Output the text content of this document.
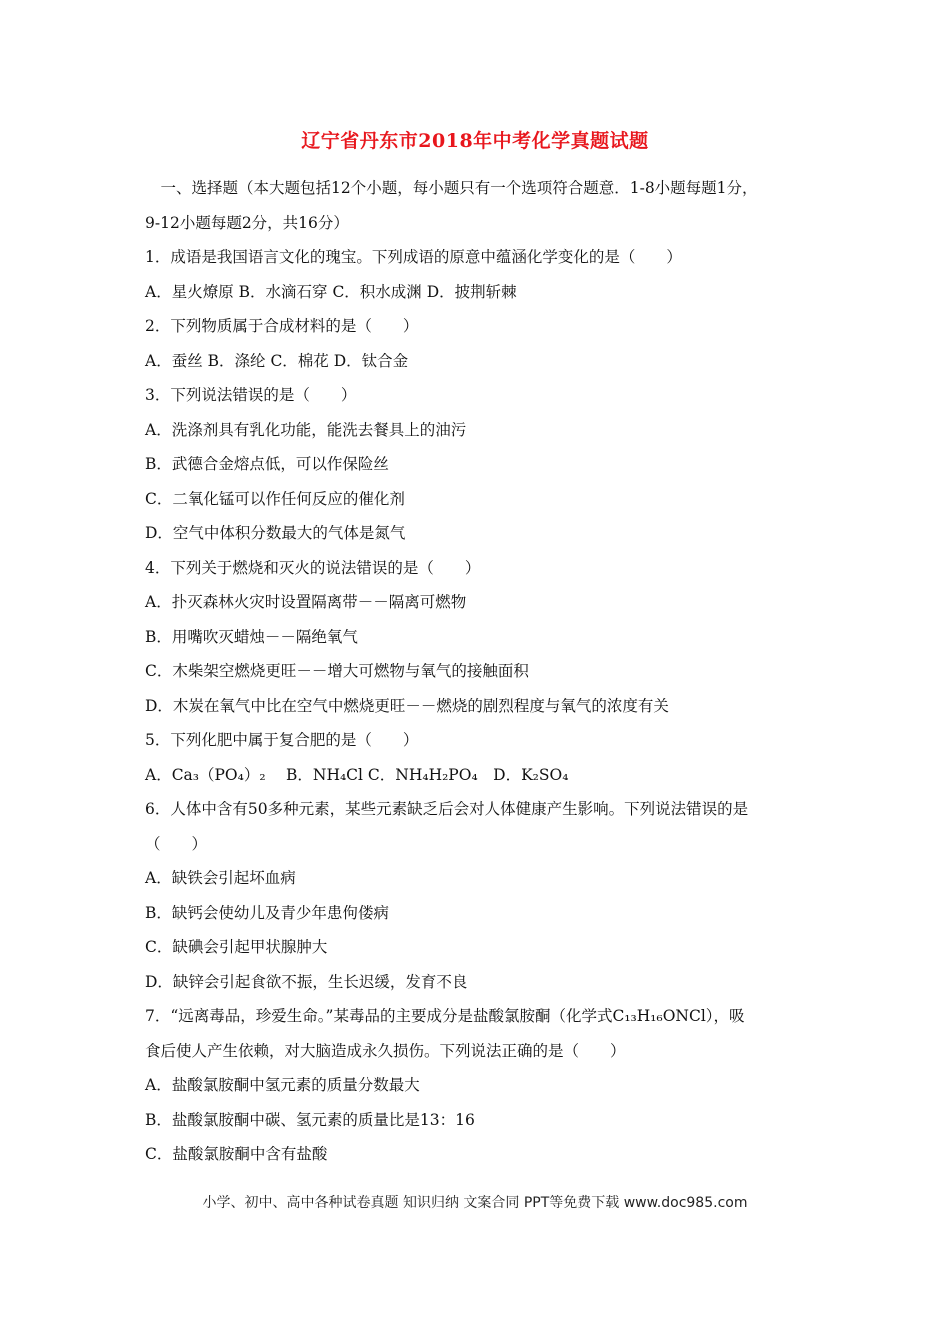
辽宁省丹东市2018年中考化学真题试题
　一、选择题（本大题包括12个小题，每小题只有一个选项符合题意．1-8小题每题1分，
9-12小题每题2分，共16分）
1．成语是我国语言文化的瑰宝。下列成语的原意中蕴涵化学变化的是（　　）
A．星火燎原 B．水滴石穿 C．积水成渊 D．披荆斩棘
2．下列物质属于合成材料的是（　　）
A．蚕丝 B．涤纶 C．棉花 D．钛合金
3．下列说法错误的是（　　）
A．洗涤剂具有乳化功能，能洗去餐具上的油污
B．武德合金熔点低，可以作保险丝
C．二氧化锰可以作任何反应的催化剂
D．空气中体积分数最大的气体是氮气
4．下列关于燃烧和灭火的说法错误的是（　　）
A．扑灭森林火灾时设置隔离带－－隔离可燃物
B．用嘴吹灭蜡烛－－隔绝氧气
C．木柴架空燃烧更旺－－增大可燃物与氧气的接触面积
D．木炭在氧气中比在空气中燃烧更旺－－燃烧的剧烈程度与氧气的浓度有关
5．下列化肥中属于复合肥的是（　　）
A．Ca₃（PO₄）₂　 B．NH₄Cl C．NH₄H₂PO₄　D．K₂SO₄
6．人体中含有50多种元素，某些元素缺乏后会对人体健康产生影响。下列说法错误的是
（　　）
A．缺铁会引起坏血病
B．缺钙会使幼儿及青少年患佝偻病
C．缺碘会引起甲状腺肿大
D．缺锌会引起食欲不振，生长迟缓，发育不良
7．“远离毒品，珍爱生命。”某毒品的主要成分是盐酸氯胺酮（化学式C₁₃H₁₆ONCl），吸
食后使人产生依赖，对大脑造成永久损伤。下列说法正确的是（　　）
A．盐酸氯胺酮中氢元素的质量分数最大
B．盐酸氯胺酮中碳、氢元素的质量比是13：16
C．盐酸氯胺酮中含有盐酸
小学、初中、高中各种试卷真题 知识归纳 文案合同 PPT等免费下载 www.doc985.com
